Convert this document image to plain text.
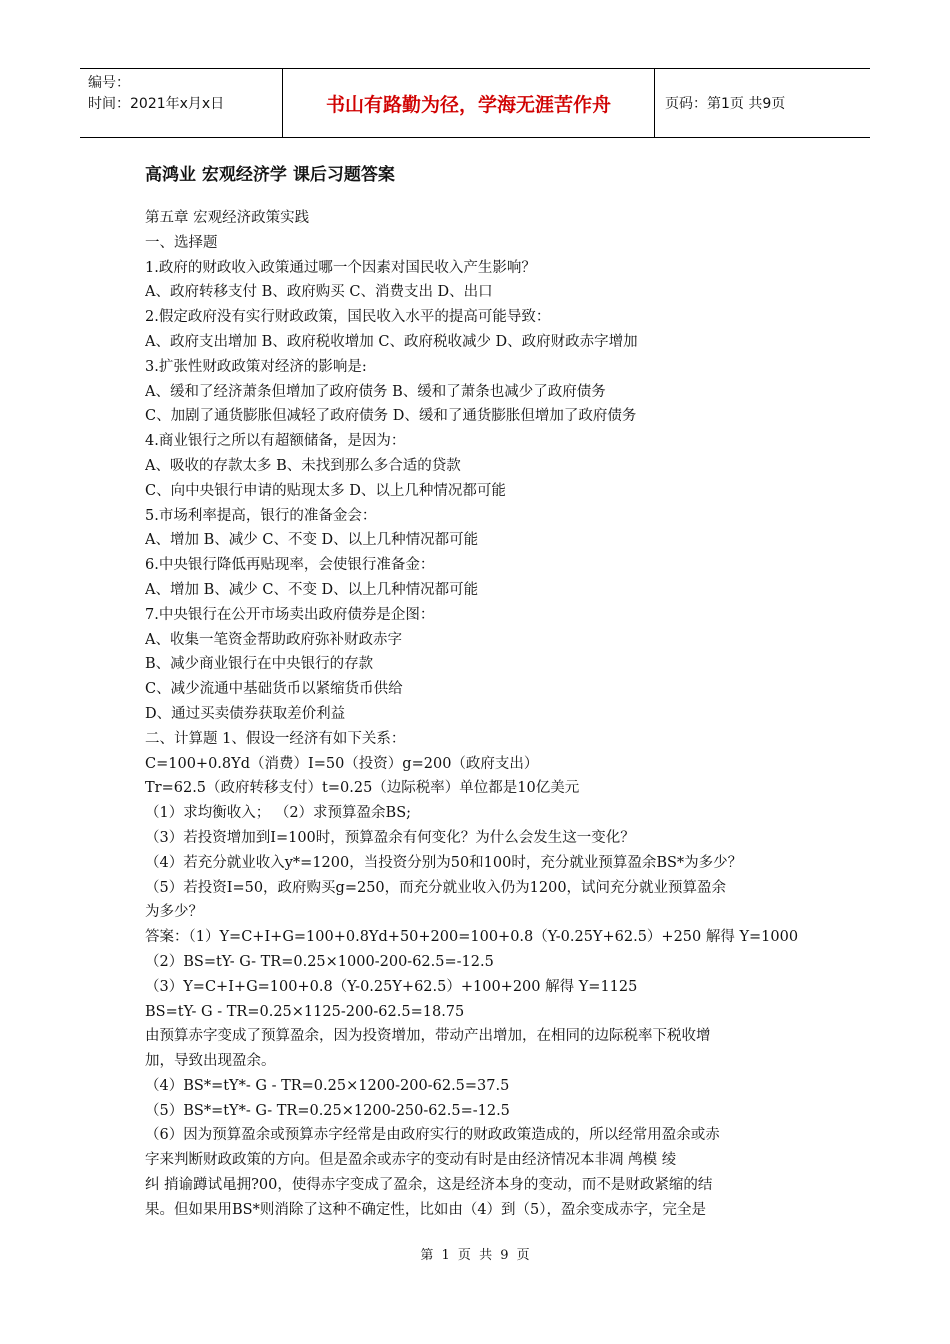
编号：
时间：2021年x月x日	书山有路勤为径，学海无涯苦作舟	页码：第1页 共9页
高鸿业 宏观经济学 课后习题答案
第五章 宏观经济政策实践
一、选择题
1.政府的财政收入政策通过哪一个因素对国民收入产生影响？
A、政府转移支付 B、政府购买 C、消费支出 D、出口
2.假定政府没有实行财政政策，国民收入水平的提高可能导致：
A、政府支出增加 B、政府税收增加 C、政府税收减少 D、政府财政赤字增加
3.扩张性财政政策对经济的影响是:
A、缓和了经济萧条但增加了政府债务 B、缓和了萧条也减少了政府债务
C、加剧了通货膨胀但减轻了政府债务 D、缓和了通货膨胀但增加了政府债务
4.商业银行之所以有超额储备，是因为：
A、吸收的存款太多 B、未找到那么多合适的贷款
C、向中央银行申请的贴现太多 D、以上几种情况都可能
5.市场利率提高，银行的准备金会：
A、增加 B、减少 C、不变 D、以上几种情况都可能
6.中央银行降低再贴现率，会使银行准备金：
A、增加 B、减少 C、不变 D、以上几种情况都可能
7.中央银行在公开市场卖出政府债券是企图：
A、收集一笔资金帮助政府弥补财政赤字
B、减少商业银行在中央银行的存款
C、减少流通中基础货币以紧缩货币供给
D、通过买卖债券获取差价利益
二、计算题 1、假设一经济有如下关系：
C=100+0.8Yd（消费）I=50（投资）g=200（政府支出）
Tr=62.5（政府转移支付）t=0.25（边际税率）单位都是10亿美元
（1）求均衡收入； （2）求预算盈余BS;
（3）若投资增加到I=100时，预算盈余有何变化？为什么会发生这一变化？
（4）若充分就业收入y*=1200，当投资分别为50和100时，充分就业预算盈余BS*为多少？
（5）若投资I=50，政府购买g=250，而充分就业收入仍为1200，试问充分就业预算盈余
为多少？
答案：（1）Y=C+I+G=100+0.8Yd+50+200=100+0.8（Y-0.25Y+62.5）+250 解得 Y=1000
（2）BS=tY- G- TR=0.25×1000-200-62.5=-12.5
（3）Y=C+I+G=100+0.8（Y-0.25Y+62.5）+100+200 解得 Y=1125
BS=tY- G - TR=0.25×1125-200-62.5=18.75
由预算赤字变成了预算盈余，因为投资增加，带动产出增加，在相同的边际税率下税收增
加，导致出现盈余。
（4）BS*=tY*- G - TR=0.25×1200-200-62.5=37.5
（5）BS*=tY*- G- TR=0.25×1200-250-62.5=-12.5
（6）因为预算盈余或预算赤字经常是由政府实行的财政政策造成的，所以经常用盈余或赤
字来判断财政政策的方向。但是盈余或赤字的变动有时是由经济情况本非凋 鸬模 绫
纠 捎谕蹲试黾拥?00，使得赤字变成了盈余，这是经济本身的变动，而不是财政紧缩的结
果。但如果用BS*则消除了这种不确定性，比如由（4）到（5），盈余变成赤字，完全是
第 1 页 共 9 页
